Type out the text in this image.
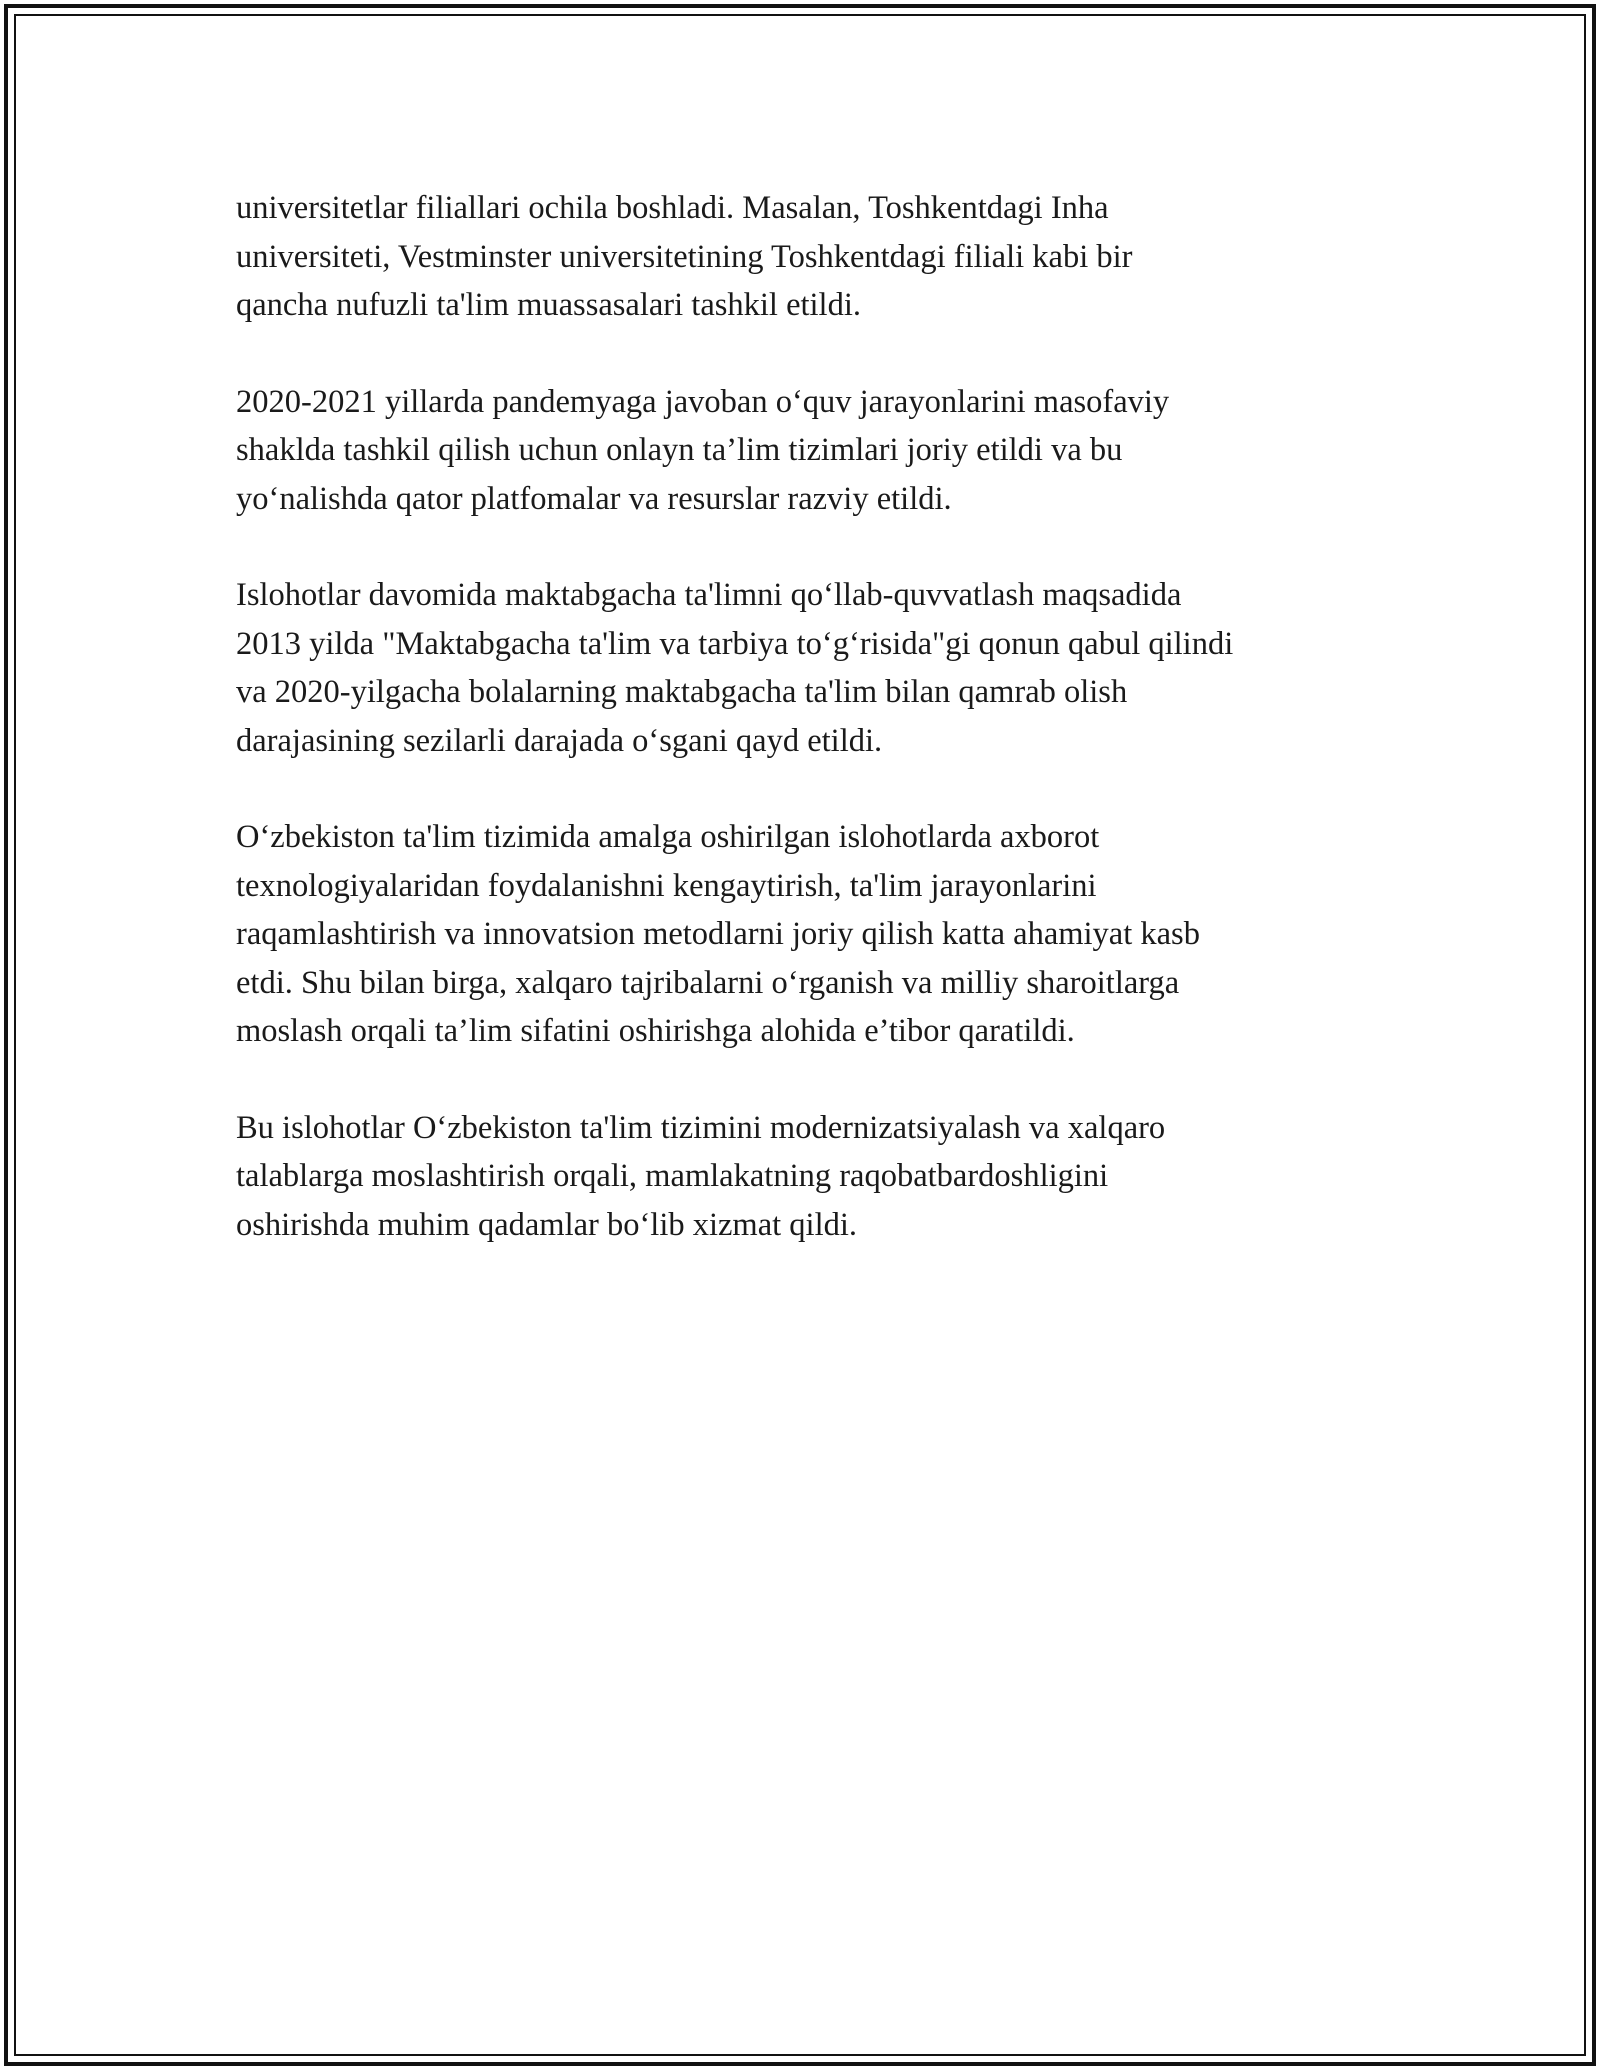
universitetlar filiallari ochila boshladi. Masalan, Toshkentdagi Inha
universiteti, Vestminster universitetining Toshkentdagi filiali kabi bir
qancha nufuzli ta'lim muassasalari tashkil etildi.

2020-2021 yillarda pandemyaga javoban o‘quv jarayonlarini masofaviy
shaklda tashkil qilish uchun onlayn ta’lim tizimlari joriy etildi va bu
yo‘nalishda qator platfomalar va resurslar razviy etildi.

Islohotlar davomida maktabgacha ta'limni qo‘llab-quvvatlash maqsadida
2013 yilda "Maktabgacha ta'lim va tarbiya to‘g‘risida"gi qonun qabul qilindi
va 2020-yilgacha bolalarning maktabgacha ta'lim bilan qamrab olish
darajasining sezilarli darajada o‘sgani qayd etildi.

O‘zbekiston ta'lim tizimida amalga oshirilgan islohotlarda axborot
texnologiyalaridan foydalanishni kengaytirish, ta'lim jarayonlarini
raqamlashtirish va innovatsion metodlarni joriy qilish katta ahamiyat kasb
etdi. Shu bilan birga, xalqaro tajribalarni o‘rganish va milliy sharoitlarga
moslash orqali ta’lim sifatini oshirishga alohida e’tibor qaratildi.

Bu islohotlar O‘zbekiston ta'lim tizimini modernizatsiyalash va xalqaro
talablarga moslashtirish orqali, mamlakatning raqobatbardoshligini
oshirishda muhim qadamlar bo‘lib xizmat qildi.
